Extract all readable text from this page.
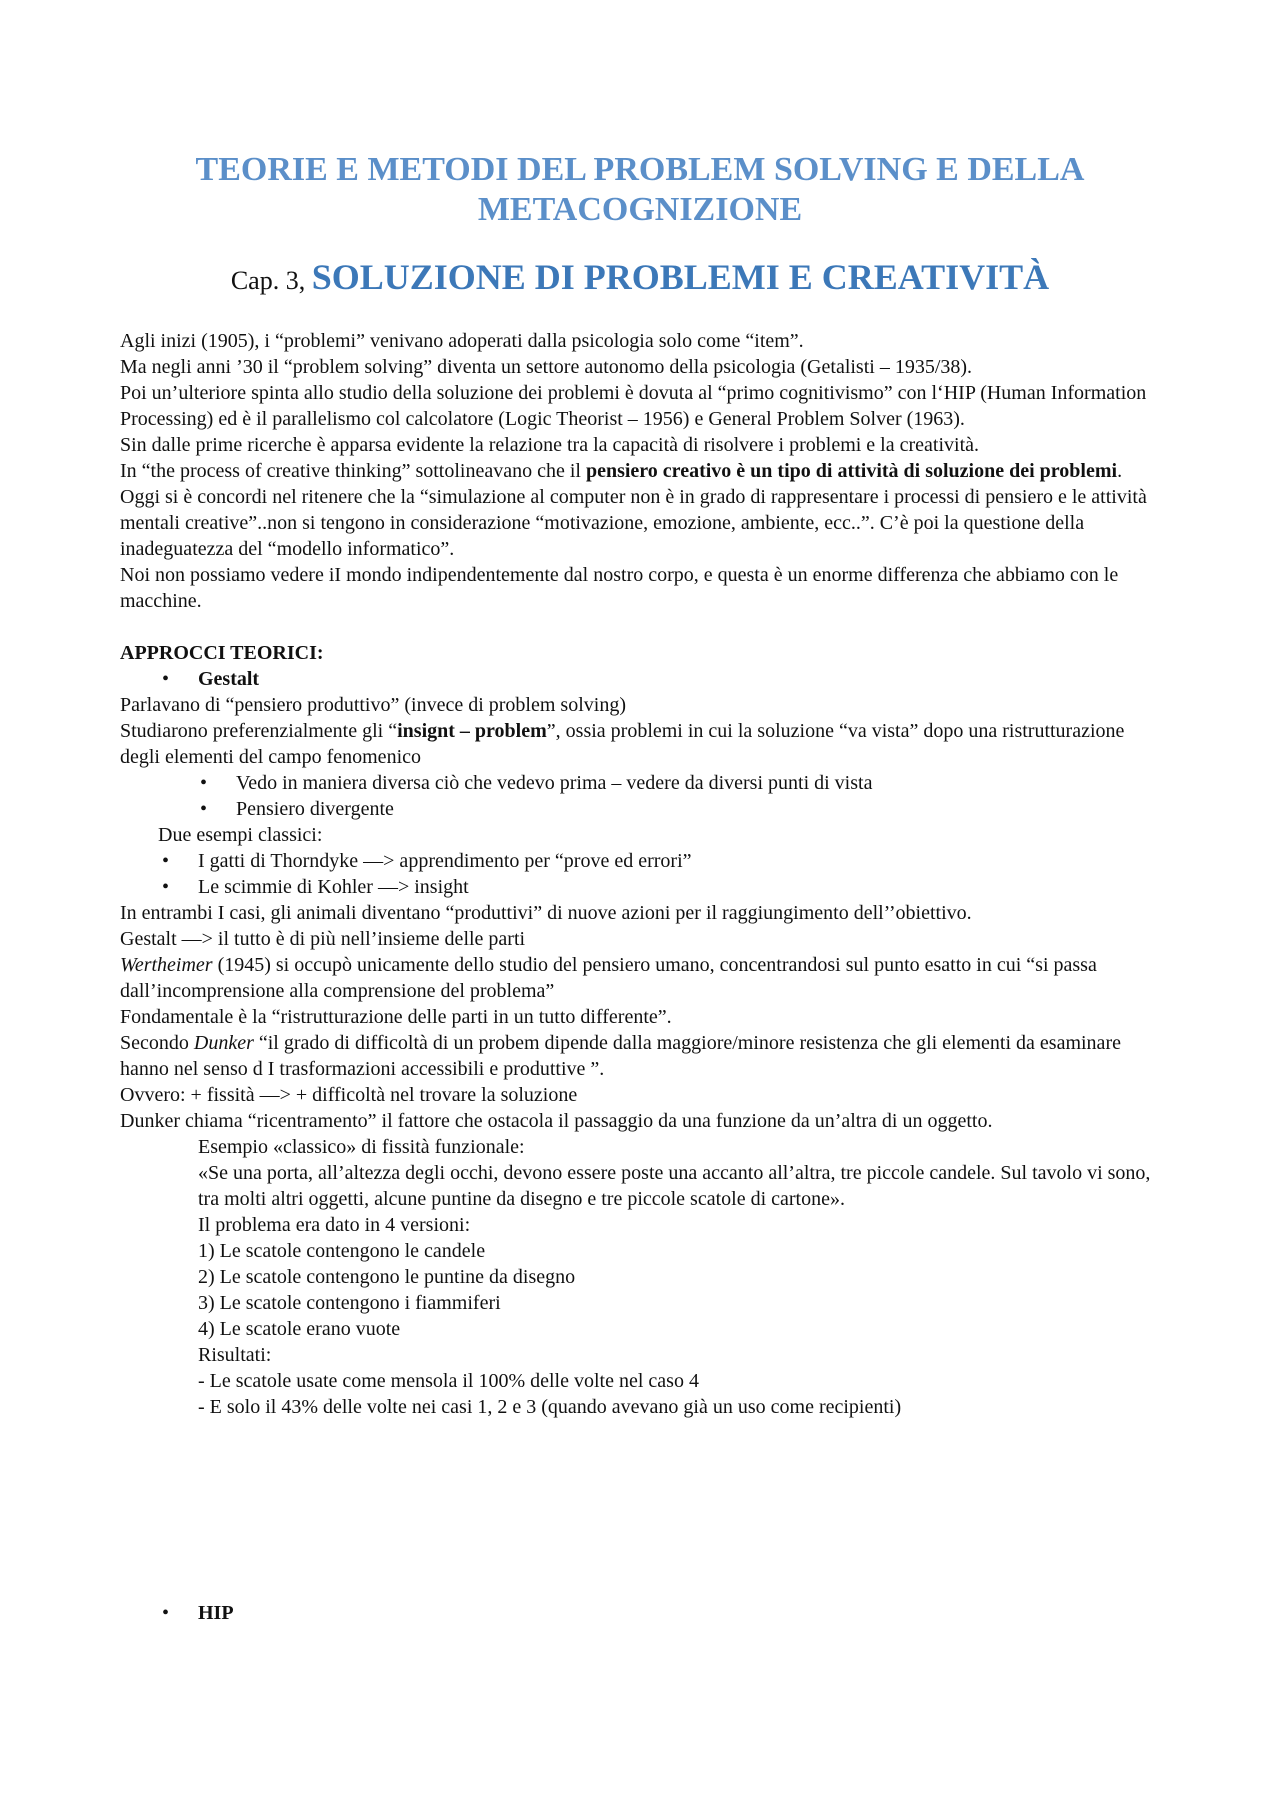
TEORIE E METODI DEL PROBLEM SOLVING E DELLA METACOGNIZIONE
Cap. 3, SOLUZIONE DI PROBLEMI E CREATIVITÀ

Agli inizi (1905), i “problemi” venivano adoperati dalla psicologia solo come “item”.

Ma negli anni ’30 il “problem solving” diventa un settore autonomo della psicologia (Getalisti – 1935/38).

Poi un’ulteriore spinta allo studio della soluzione dei problemi è dovuta al “primo cognitivismo” con l‘HIP (Human Information Processing) ed è il parallelismo col calcolatore (Logic Theorist – 1956) e General Problem Solver (1963).

Sin dalle prime ricerche è apparsa evidente la relazione tra la capacità di risolvere i problemi e la creatività.

In “the process of creative thinking” sottolineavano che il pensiero creativo è un tipo di attività di soluzione dei problemi.

Oggi si è concordi nel ritenere che la “simulazione al computer non è in grado di rappresentare i processi di pensiero e le attività mentali creative”..non si tengono in considerazione “motivazione, emozione, ambiente, ecc..”. C’è poi la questione della inadeguatezza del “modello informatico”.

Noi non possiamo vedere iI mondo indipendentemente dal nostro corpo, e questa è un enorme differenza che abbiamo con le macchine.

APPROCCI TEORICI:

• Gestalt

Parlavano di “pensiero produttivo” (invece di problem solving)

Studiarono preferenzialmente gli “insignt – problem”, ossia problemi in cui la soluzione “va vista” dopo una ristrutturazione degli elementi del campo fenomenico

• Vedo in maniera diversa ciò che vedevo prima – vedere da diversi punti di vista

• Pensiero divergente

Due esempi classici:

• I gatti di Thorndyke —> apprendimento per “prove ed errori”

• Le scimmie di Kohler —> insight

In entrambi I casi, gli animali diventano “produttivi” di nuove azioni per il raggiungimento dell’’obiettivo.

Gestalt —> il tutto è di più nell’insieme delle parti

Wertheimer (1945) si occupò unicamente dello studio del pensiero umano, concentrandosi sul punto esatto in cui “si passa dall’incomprensione alla comprensione del problema”

Fondamentale è la “ristrutturazione delle parti in un tutto differente”.

Secondo Dunker “il grado di difficoltà di un probem dipende dalla maggiore/minore resistenza che gli elementi da esaminare hanno nel senso d I trasformazioni accessibili e produttive ”.

Ovvero: + fissità —> + difficoltà nel trovare la soluzione

Dunker chiama “ricentramento” il fattore che ostacola il passaggio da una funzione da un’altra di un oggetto.

Esempio «classico» di fissità funzionale:

«Se una porta, all’altezza degli occhi, devono essere poste una accanto all’altra, tre piccole candele. Sul tavolo vi sono, tra molti altri oggetti, alcune puntine da disegno e tre piccole scatole di cartone».

Il problema era dato in 4 versioni:

1) Le scatole contengono le candele

2) Le scatole contengono le puntine da disegno

3) Le scatole contengono i fiammiferi

4) Le scatole erano vuote

Risultati:

- Le scatole usate come mensola il 100% delle volte nel caso 4

- E solo il 43% delle volte nei casi 1, 2 e 3 (quando avevano già un uso come recipienti)

• HIP
